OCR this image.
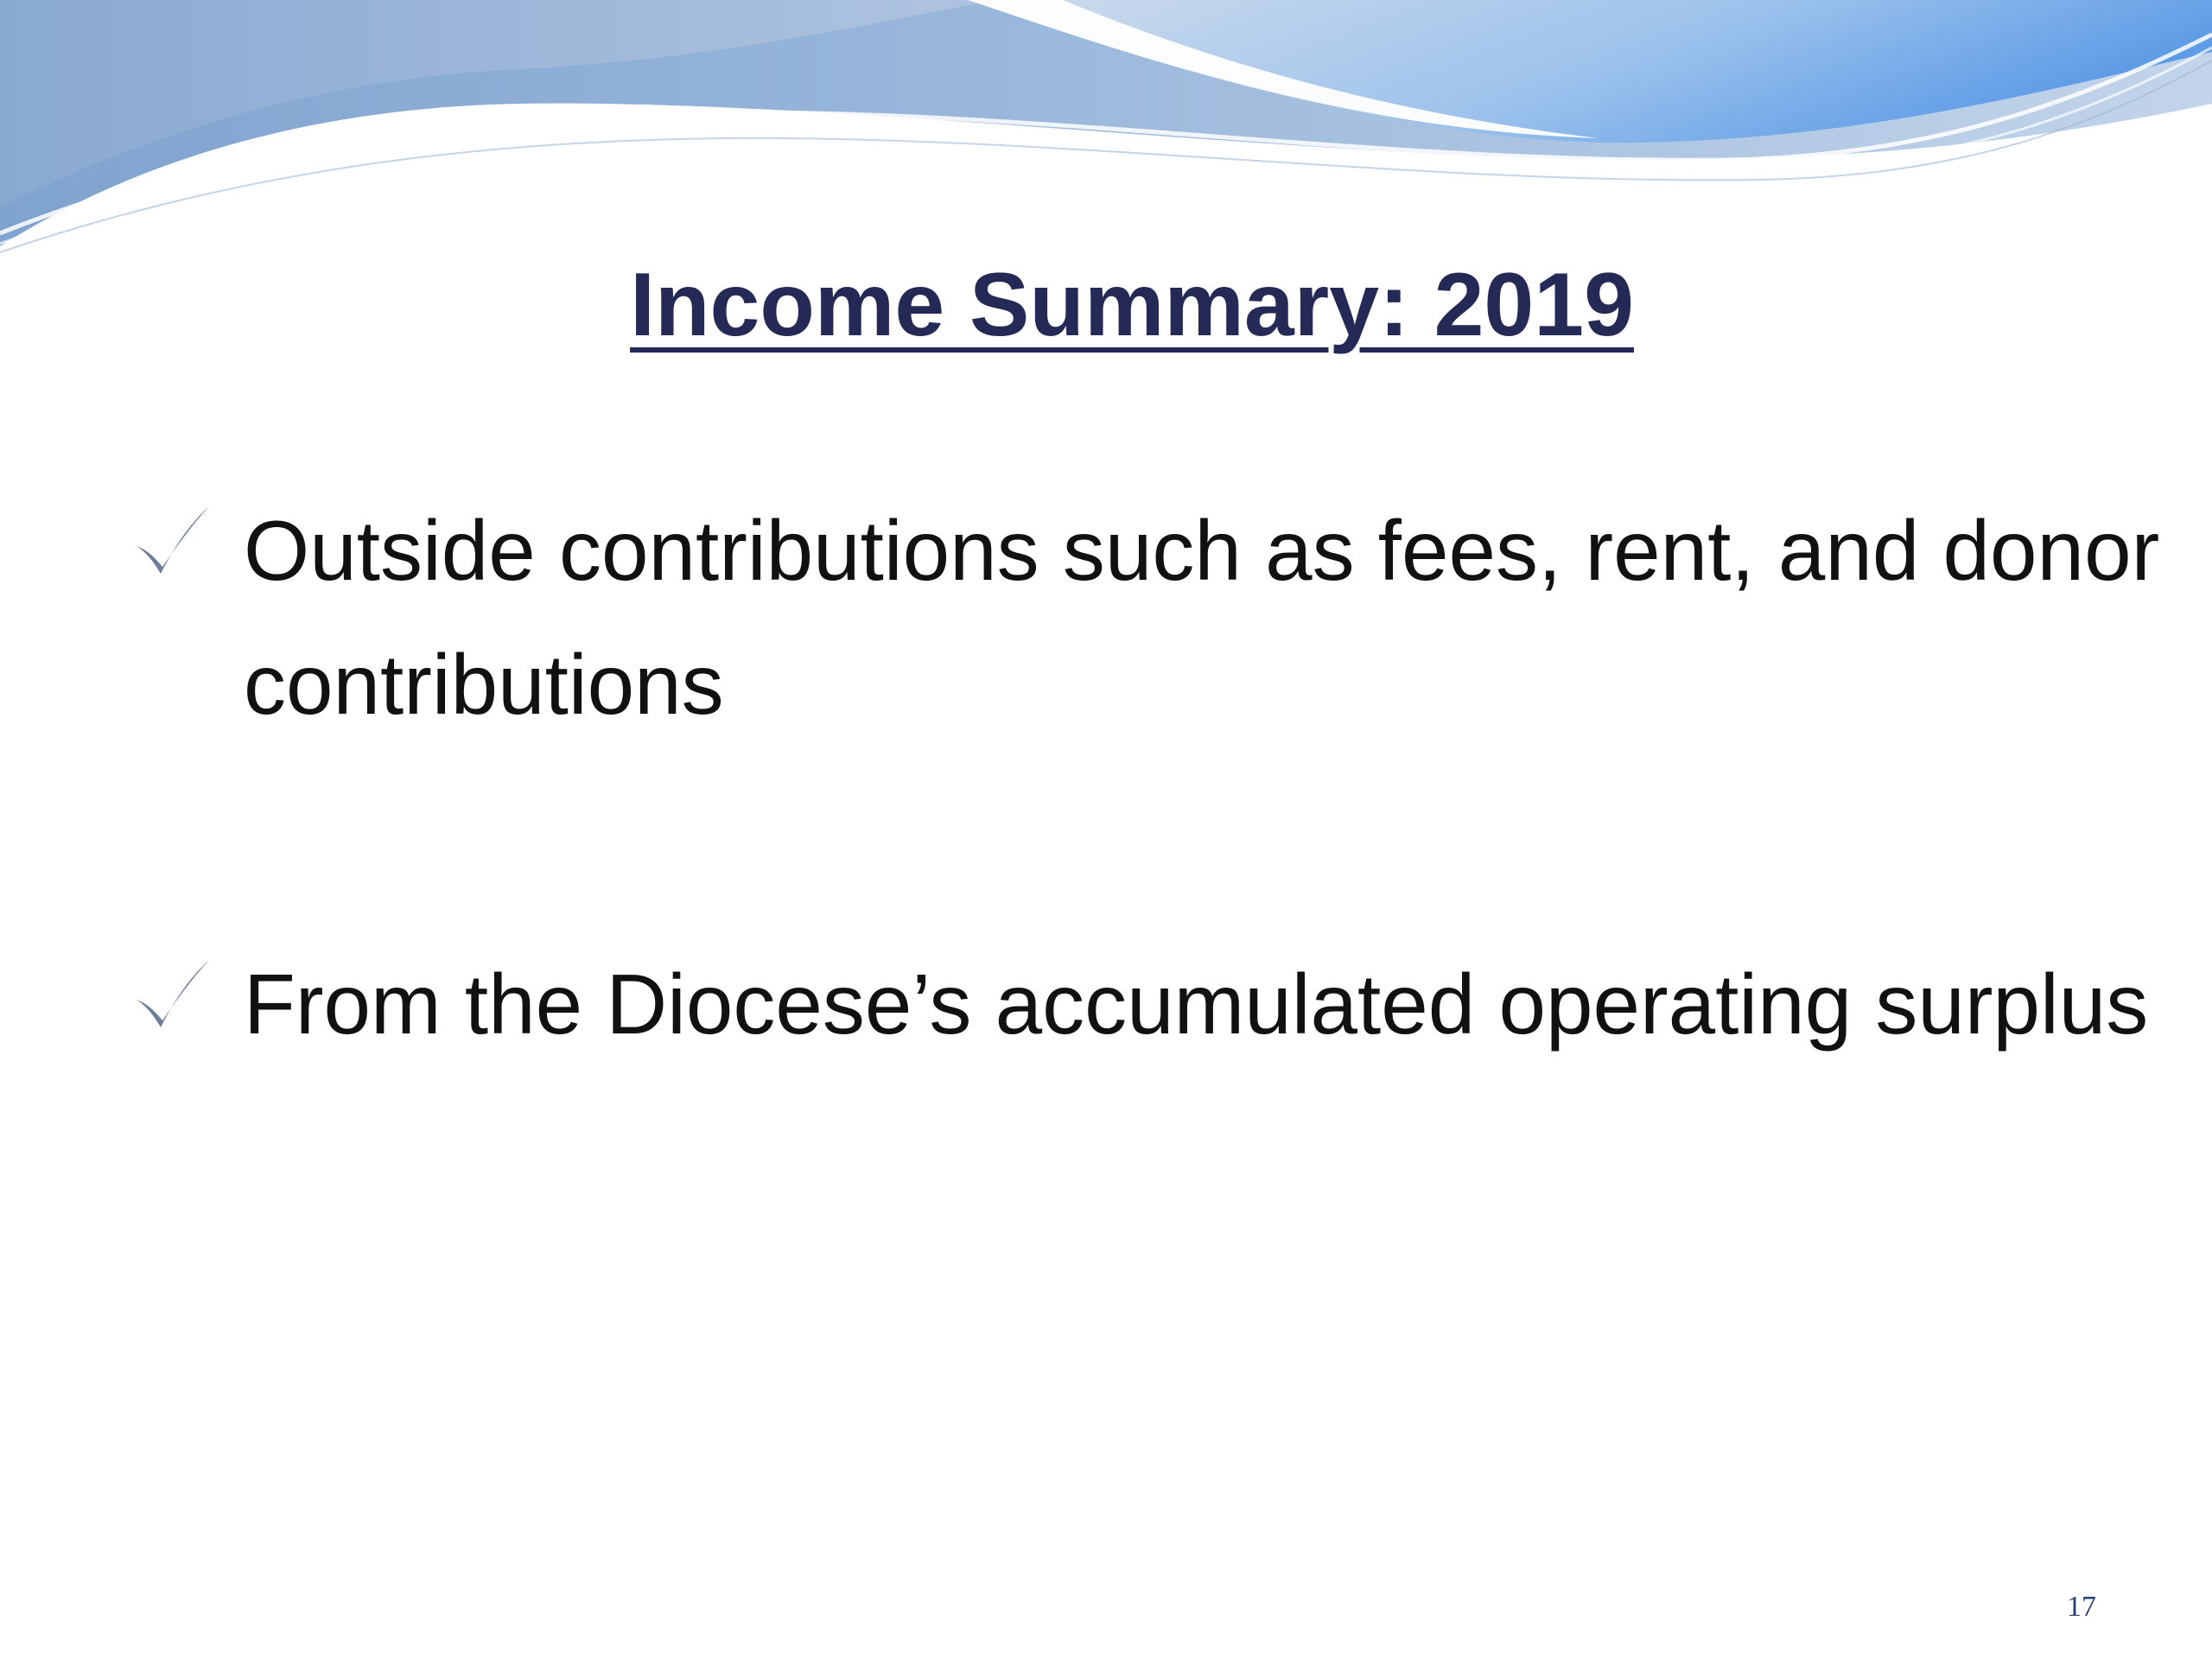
Income Summary: 2019

Outside contributions such as fees, rent, and donor contributions

From the Diocese’s accumulated operating surplus

17
